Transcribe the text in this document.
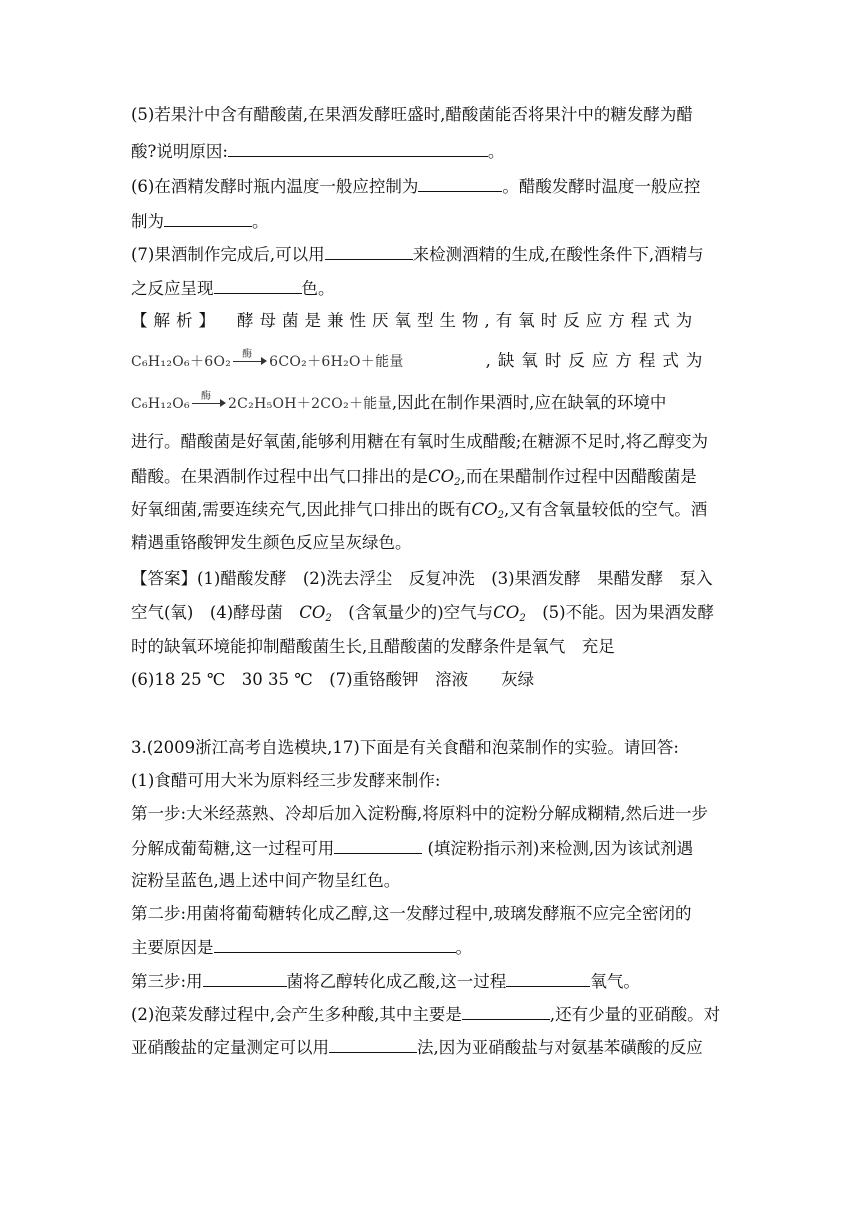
(5)若果汁中含有醋酸菌,在果酒发酵旺盛时,醋酸菌能否将果汁中的糖发酵为醋
酸?说明原因:	。
(6)在酒精发酵时瓶内温度一般应控制为	。醋酸发酵时温度一般应控
制为	。
(7)果酒制作完成后,可以用	来检测酒精的生成,在酸性条件下,酒精与
之反应呈现	色。
【解析】 酵母菌是兼性厌氧型生物,有氧时反应方程式为
C₆H₁₂O₆＋6O₂ 酶 6CO₂＋6H₂O＋能量	,缺氧时反应方程式为
C₆H₁₂O₆ 酶 2C₂H₅OH＋2CO₂＋能量,因此在制作果酒时,应在缺氧的环境中
进行。醋酸菌是好氧菌,能够利用糖在有氧时生成醋酸;在糖源不足时,将乙醇变为
醋酸。在果酒制作过程中出气口排出的是$CO_2$,而在果醋制作过程中因醋酸菌是
好氧细菌,需要连续充气,因此排气口排出的既有$CO_2$,又有含氧量较低的空气。酒
精遇重铬酸钾发生颜色反应呈灰绿色。
【答案】(1)醋酸发酵　(2)洗去浮尘　反复冲洗　(3)果酒发酵　果醋发酵　泵入
空气(氧)　(4)酵母菌　$CO_2$　(含氧量少的)空气与$CO_2$　(5)不能。因为果酒发酵
时的缺氧环境能抑制醋酸菌生长,且醋酸菌的发酵条件是氧气　充足
(6)18 25 ℃　30 35 ℃　(7)重铬酸钾　溶液　　灰绿
3.(2009浙江高考自选模块,17)下面是有关食醋和泡菜制作的实验。请回答:
(1)食醋可用大米为原料经三步发酵来制作:
第一步:大米经蒸熟、冷却后加入淀粉酶,将原料中的淀粉分解成糊精,然后进一步
分解成葡萄糖,这一过程可用	(填淀粉指示剂)来检测,因为该试剂遇
淀粉呈蓝色,遇上述中间产物呈红色。
第二步:用菌将葡萄糖转化成乙醇,这一发酵过程中,玻璃发酵瓶不应完全密闭的
主要原因是	。
第三步:用	菌将乙醇转化成乙酸,这一过程	氧气。
(2)泡菜发酵过程中,会产生多种酸,其中主要是	,还有少量的亚硝酸。对
亚硝酸盐的定量测定可以用	法,因为亚硝酸盐与对氨基苯磺酸的反应
